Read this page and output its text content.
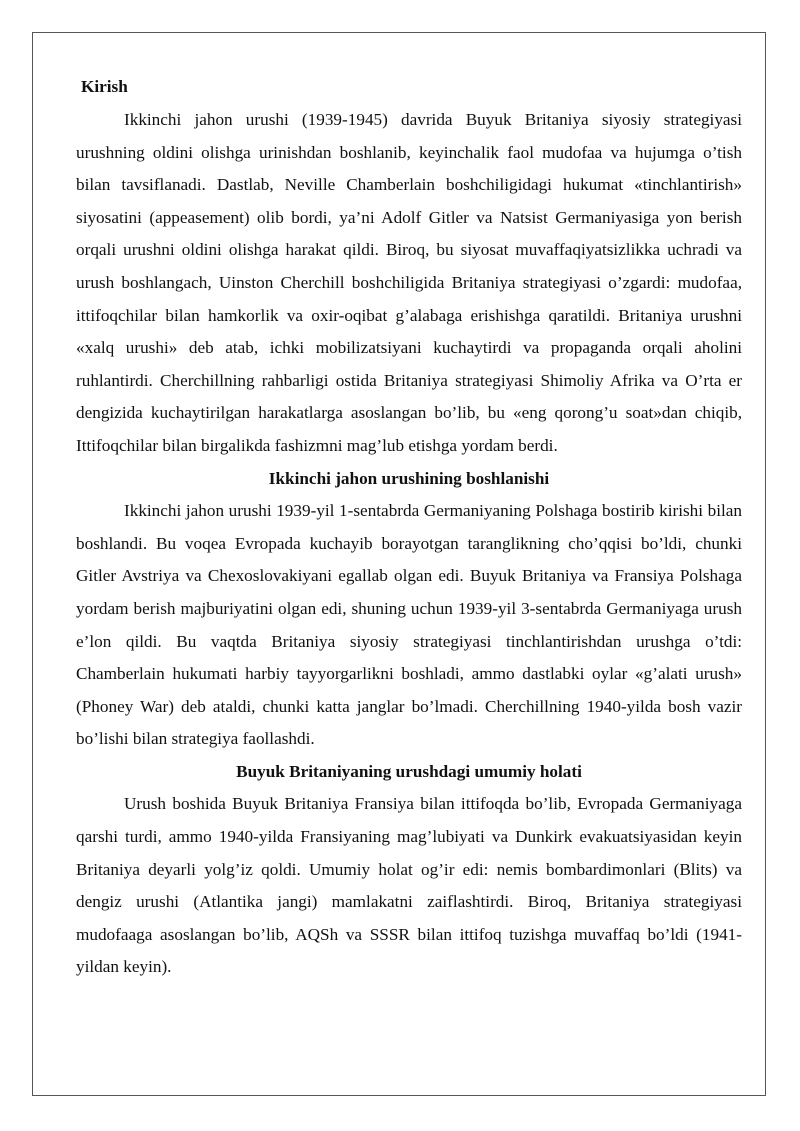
Kirish

Ikkinchi jahon urushi (1939-1945) davrida Buyuk Britaniya siyosiy strategiyasi urushning oldini olishga urinishdan boshlanib, keyinchalik faol mudofaa va hujumga o’tish bilan tavsiflanadi. Dastlab, Neville Chamberlain boshchiligidagi hukumat «tinchlantirish» siyosatini (appeasement) olib bordi, ya’ni Adolf Gitler va Natsist Germaniyasiga yon berish orqali urushni oldini olishga harakat qildi. Biroq, bu siyosat muvaffaqiyatsizlikka uchradi va urush boshlangach, Uinston Cherchill boshchiligida Britaniya strategiyasi o’zgardi: mudofaa, ittifoqchilar bilan hamkorlik va oxir-oqibat g’alabaga erishishga qaratildi. Britaniya urushni «xalq urushi» deb atab, ichki mobilizatsiyani kuchaytirdi va propaganda orqali aholini ruhlantirdi. Cherchillning rahbarligi ostida Britaniya strategiyasi Shimoliy Afrika va O’rta er dengizida kuchaytirilgan harakatlarga asoslangan bo’lib, bu «eng qorong’u soat»dan chiqib, Ittifoqchilar bilan birgalikda fashizmni mag’lub etishga yordam berdi.

Ikkinchi jahon urushining boshlanishi

Ikkinchi jahon urushi 1939-yil 1-sentabrda Germaniyaning Polshaga bostirib kirishi bilan boshlandi. Bu voqea Evropada kuchayib borayotgan taranglikning cho’qqisi bo’ldi, chunki Gitler Avstriya va Chexoslovakiyani egallab olgan edi. Buyuk Britaniya va Fransiya Polshaga yordam berish majburiyatini olgan edi, shuning uchun 1939-yil 3-sentabrda Germaniyaga urush e’lon qildi. Bu vaqtda Britaniya siyosiy strategiyasi tinchlantirishdan urushga o’tdi: Chamberlain hukumati harbiy tayyorgarlikni boshladi, ammo dastlabki oylar «g’alati urush» (Phoney War) deb ataldi, chunki katta janglar bo’lmadi. Cherchillning 1940-yilda bosh vazir bo’lishi bilan strategiya faollashdi.

Buyuk Britaniyaning urushdagi umumiy holati

Urush boshida Buyuk Britaniya Fransiya bilan ittifoqda bo’lib, Evropada Germaniyaga qarshi turdi, ammo 1940-yilda Fransiyaning mag’lubiyati va Dunkirk evakuatsiyasidan keyin Britaniya deyarli yolg’iz qoldi. Umumiy holat og’ir edi: nemis bombardimonlari (Blits) va dengiz urushi (Atlantika jangi) mamlakatni zaiflashtirdi. Biroq, Britaniya strategiyasi mudofaaga asoslangan bo’lib, AQSh va SSSR bilan ittifoq tuzishga muvaffaq bo’ldi (1941-yildan keyin).
